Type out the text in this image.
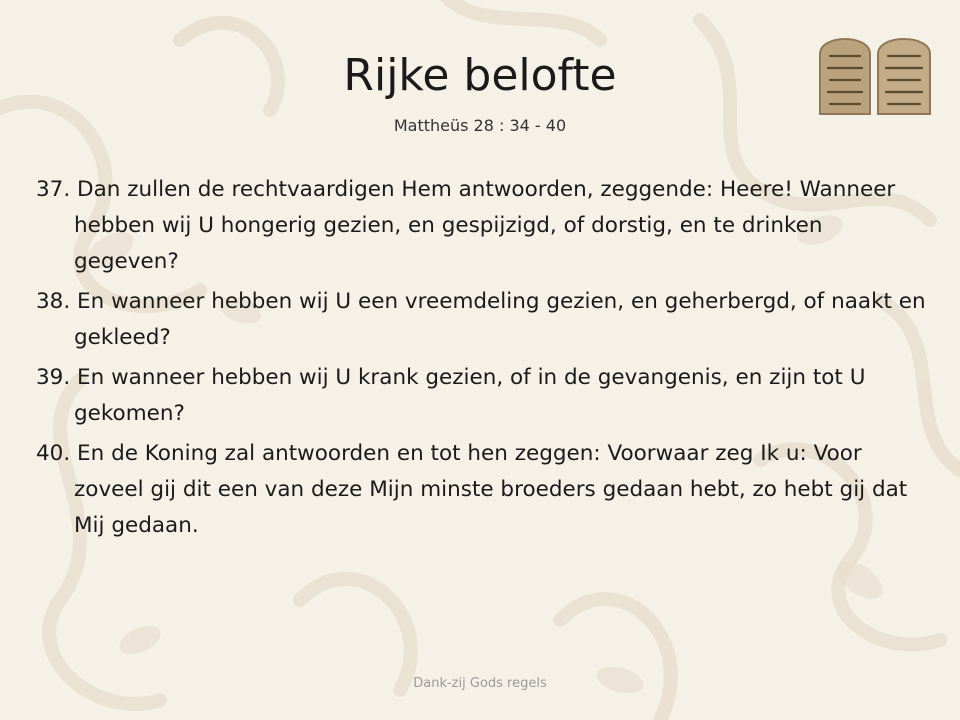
Rijke belofte
Mattheüs 28 : 34 - 40
37. Dan zullen de rechtvaardigen Hem antwoorden, zeggende: Heere! Wanneer hebben wij U hongerig gezien, en gespijzigd, of dorstig, en te drinken gegeven?
38. En wanneer hebben wij U een vreemdeling gezien, en geherbergd, of naakt en gekleed?
39. En wanneer hebben wij U krank gezien, of in de gevangenis, en zijn tot U gekomen?
40. En de Koning zal antwoorden en tot hen zeggen: Voorwaar zeg Ik u: Voor zoveel gij dit een van deze Mijn minste broeders gedaan hebt, zo hebt gij dat Mij gedaan.
Dank-zij Gods regels
